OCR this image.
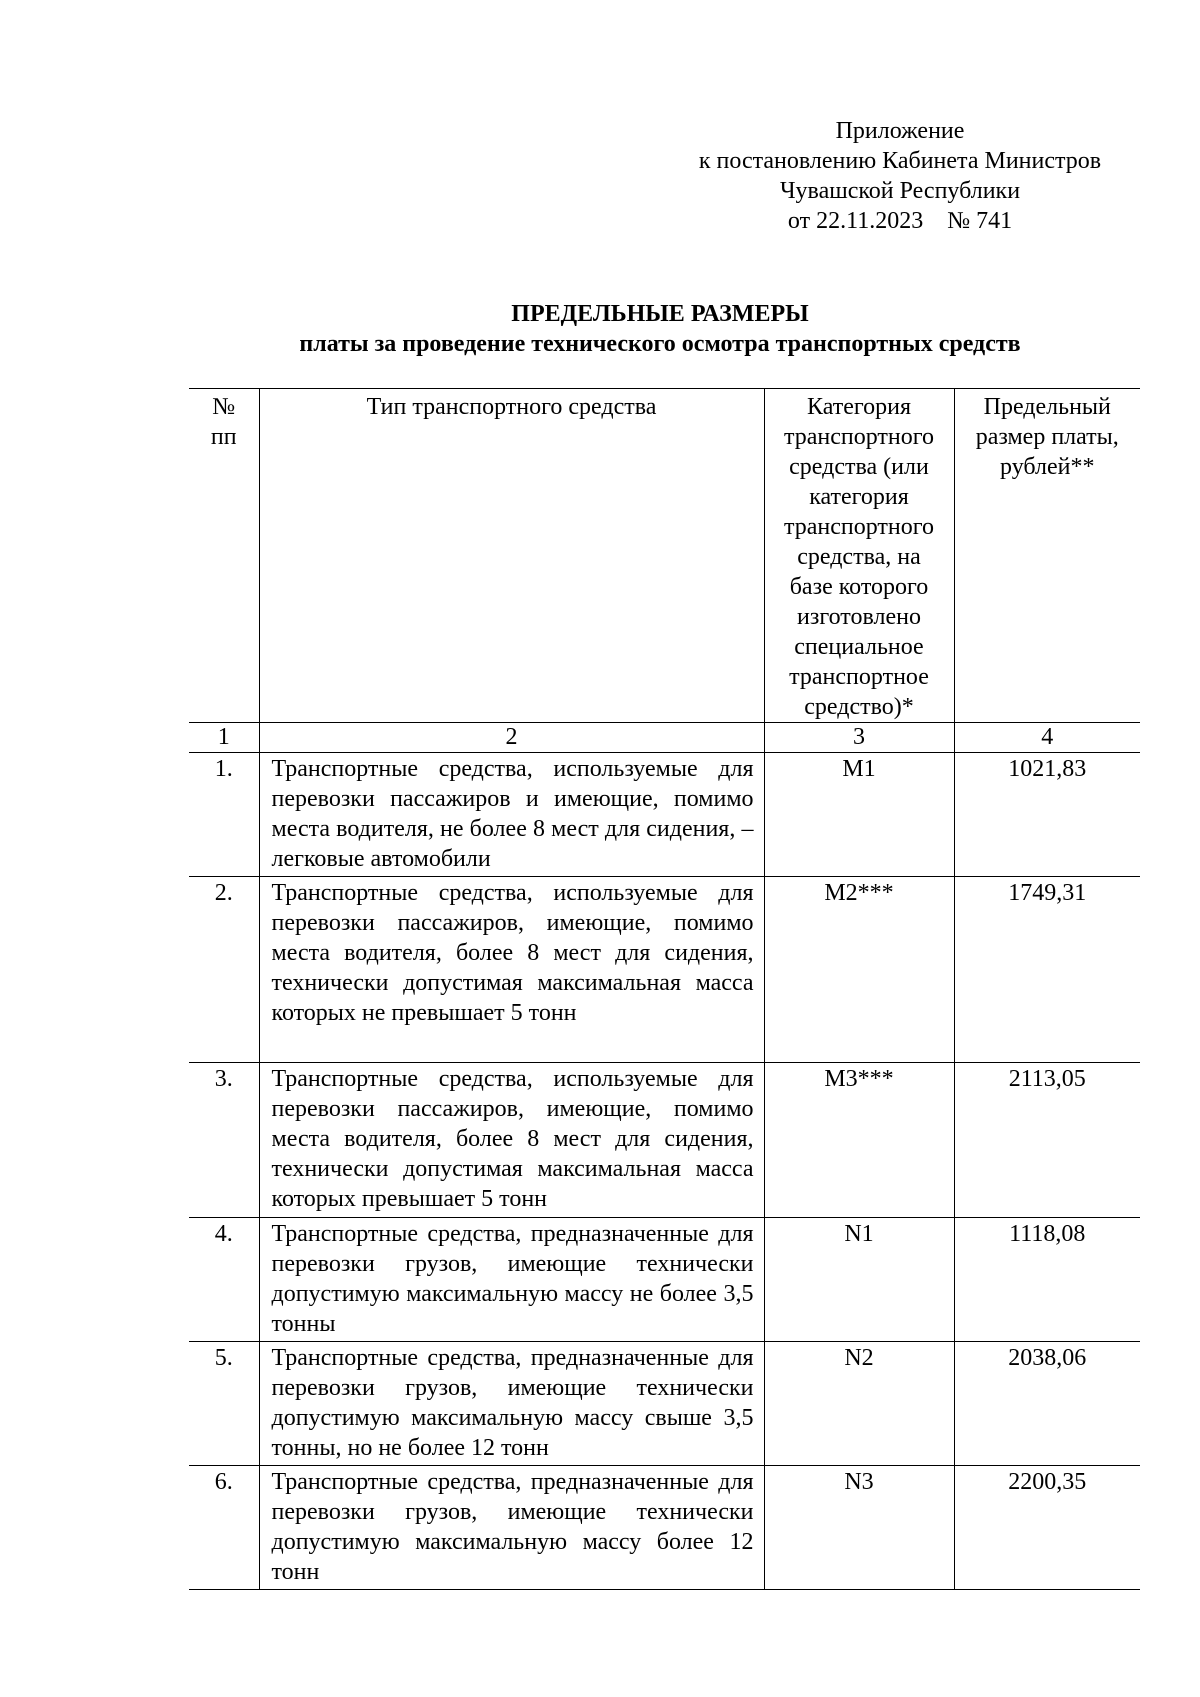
Приложение
к постановлению Кабинета Министров
Чувашской Республики
от 22.11.2023    № 741
ПРЕДЕЛЬНЫЕ РАЗМЕРЫ
платы за проведение технического осмотра транспортных средств
№ пп	Тип транспортного средства	Категория транспортного средства (или категория транспортного средства, на базе которого изготовлено специальное транспортное средство)*	Предельный размер платы, рублей**

1	2	3	4
1.	Транспортные средства, используемые для перевозки пассажиров и имеющие, помимо места водителя, не более 8 мест для сидения, – легковые автомобили	M1	1021,83
2.	Транспортные средства, используемые для перевозки пассажиров, имеющие, помимо места водителя, более 8 мест для сидения, технически допустимая максимальная масса которых не превышает 5 тонн	M2***	1749,31
3.	Транспортные средства, используемые для перевозки пассажиров, имеющие, помимо места водителя, более 8 мест для сидения, технически допустимая максимальная масса которых превышает 5 тонн	M3***	2113,05
4.	Транспортные средства, предназначенные для перевозки грузов, имеющие технически допустимую максимальную массу не более 3,5 тонны	N1	1118,08
5.	Транспортные средства, предназначенные для перевозки грузов, имеющие технически допустимую максимальную массу свыше 3,5 тонны, но не более 12 тонн	N2	2038,06
6.	Транспортные средства, предназначенные для перевозки грузов, имеющие технически допустимую максимальную массу более 12 тонн	N3	2200,35
